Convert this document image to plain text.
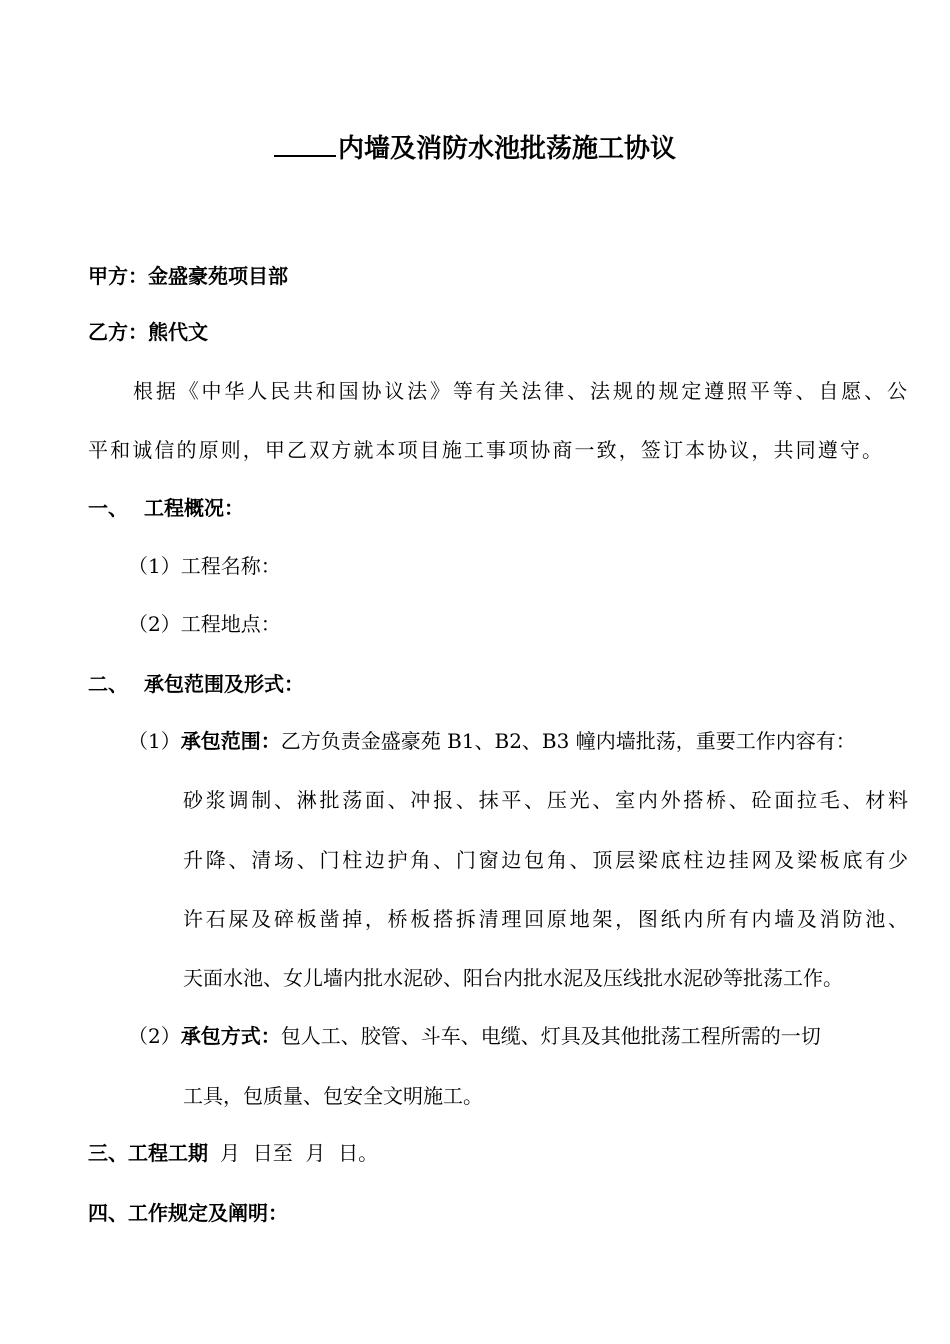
内墙及消防水池批荡施工协议
甲方：金盛豪苑项目部
乙方：熊代文
根据《中华人民共和国协议法》等有关法律、法规的规定遵照平等、自愿、公
平和诚信的原则，甲乙双方就本项目施工事项协商一致，签订本协议，共同遵守。
一、 工程概况：
（1）工程名称：
（2）工程地点：
二、 承包范围及形式：
（1）承包范围：乙方负责金盛豪苑 B1、B2、B3 幢内墙批荡，重要工作内容有：
砂浆调制、淋批荡面、冲报、抹平、压光、室内外搭桥、砼面拉毛、材料
升降、清场、门柱边护角、门窗边包角、顶层梁底柱边挂网及梁板底有少
许石屎及碎板凿掉，桥板搭拆清理回原地架，图纸内所有内墙及消防池、
天面水池、女儿墙内批水泥砂、阳台内批水泥及压线批水泥砂等批荡工作。
（2）承包方式：包人工、胶管、斗车、电缆、灯具及其他批荡工程所需的一切
工具，包质量、包安全文明施工。
三、工程工期 月  日至  月  日。
四、工作规定及阐明：
